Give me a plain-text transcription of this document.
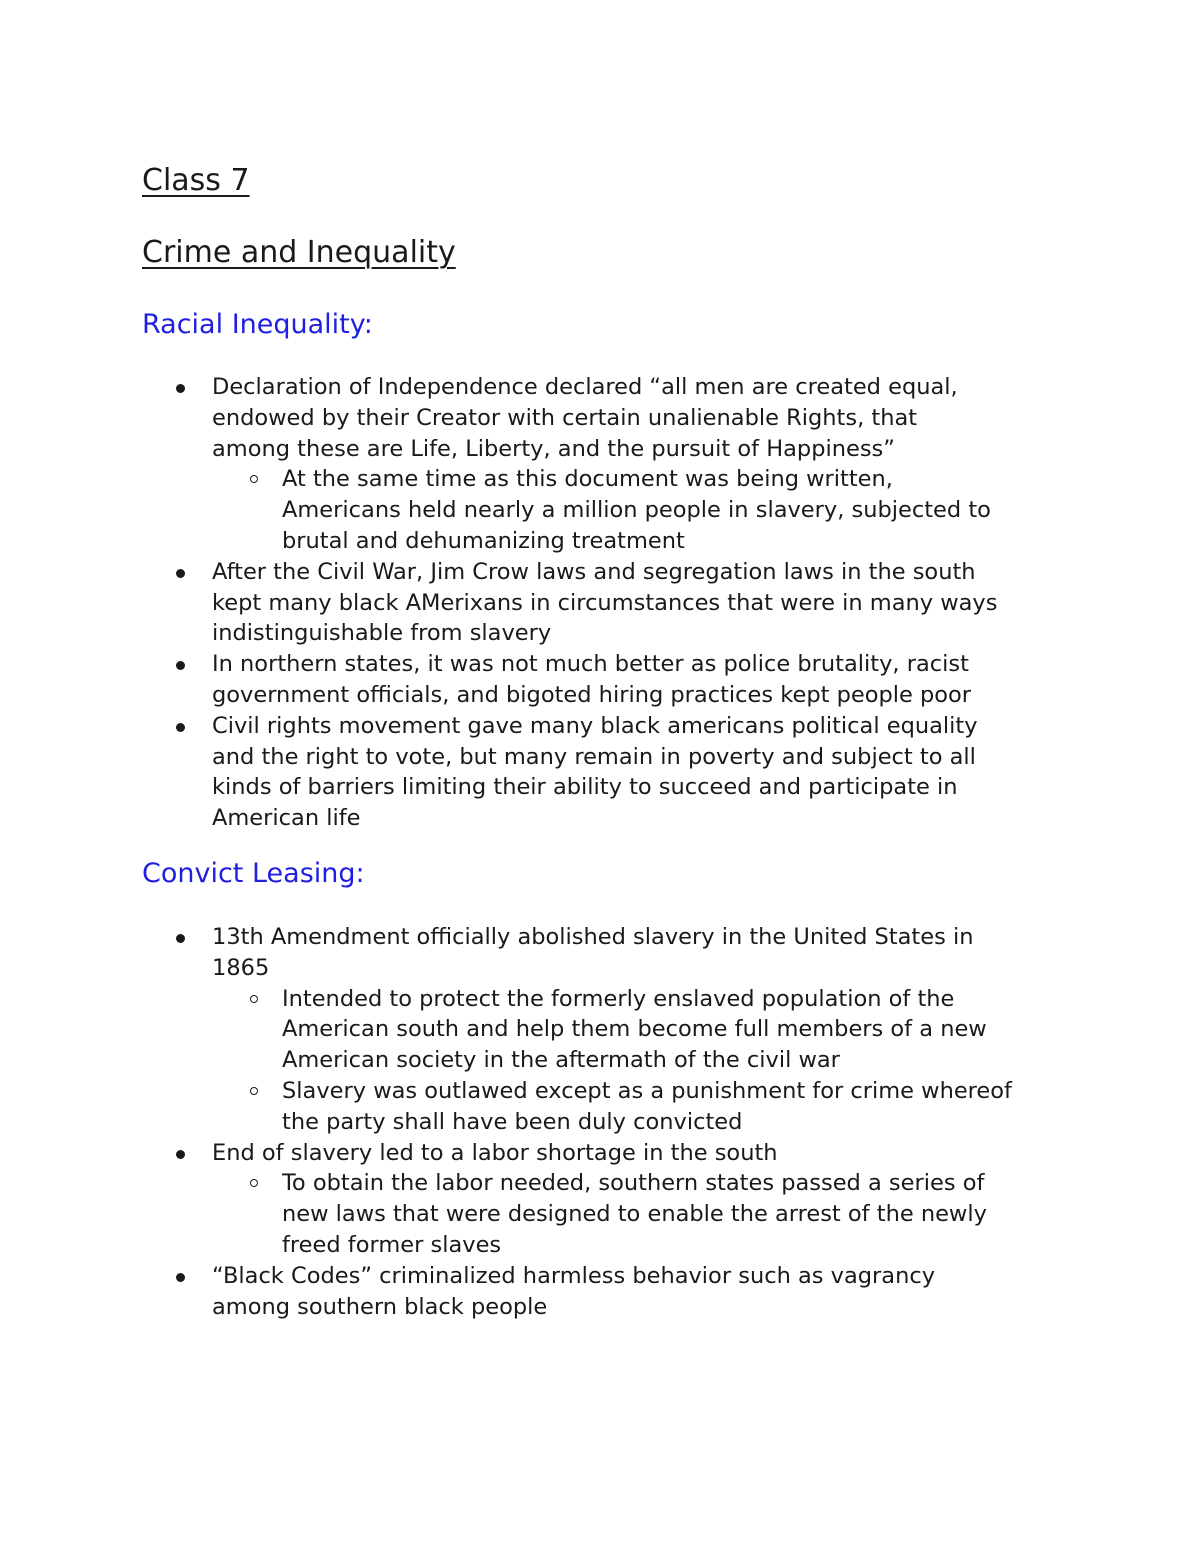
Class 7
Crime and Inequality
Racial Inequality:
Declaration of Independence declared “all men are created equal,
endowed by their Creator with certain unalienable Rights, that
among these are Life, Liberty, and the pursuit of Happiness”
At the same time as this document was being written,
Americans held nearly a million people in slavery, subjected to
brutal and dehumanizing treatment
After the Civil War, Jim Crow laws and segregation laws in the south
kept many black AMerixans in circumstances that were in many ways
indistinguishable from slavery
In northern states, it was not much better as police brutality, racist
government officials, and bigoted hiring practices kept people poor
Civil rights movement gave many black americans political equality
and the right to vote, but many remain in poverty and subject to all
kinds of barriers limiting their ability to succeed and participate in
American life
Convict Leasing:
13th Amendment officially abolished slavery in the United States in
1865
Intended to protect the formerly enslaved population of the
American south and help them become full members of a new
American society in the aftermath of the civil war
Slavery was outlawed except as a punishment for crime whereof
the party shall have been duly convicted
End of slavery led to a labor shortage in the south
To obtain the labor needed, southern states passed a series of
new laws that were designed to enable the arrest of the newly
freed former slaves
“Black Codes” criminalized harmless behavior such as vagrancy
among southern black people
